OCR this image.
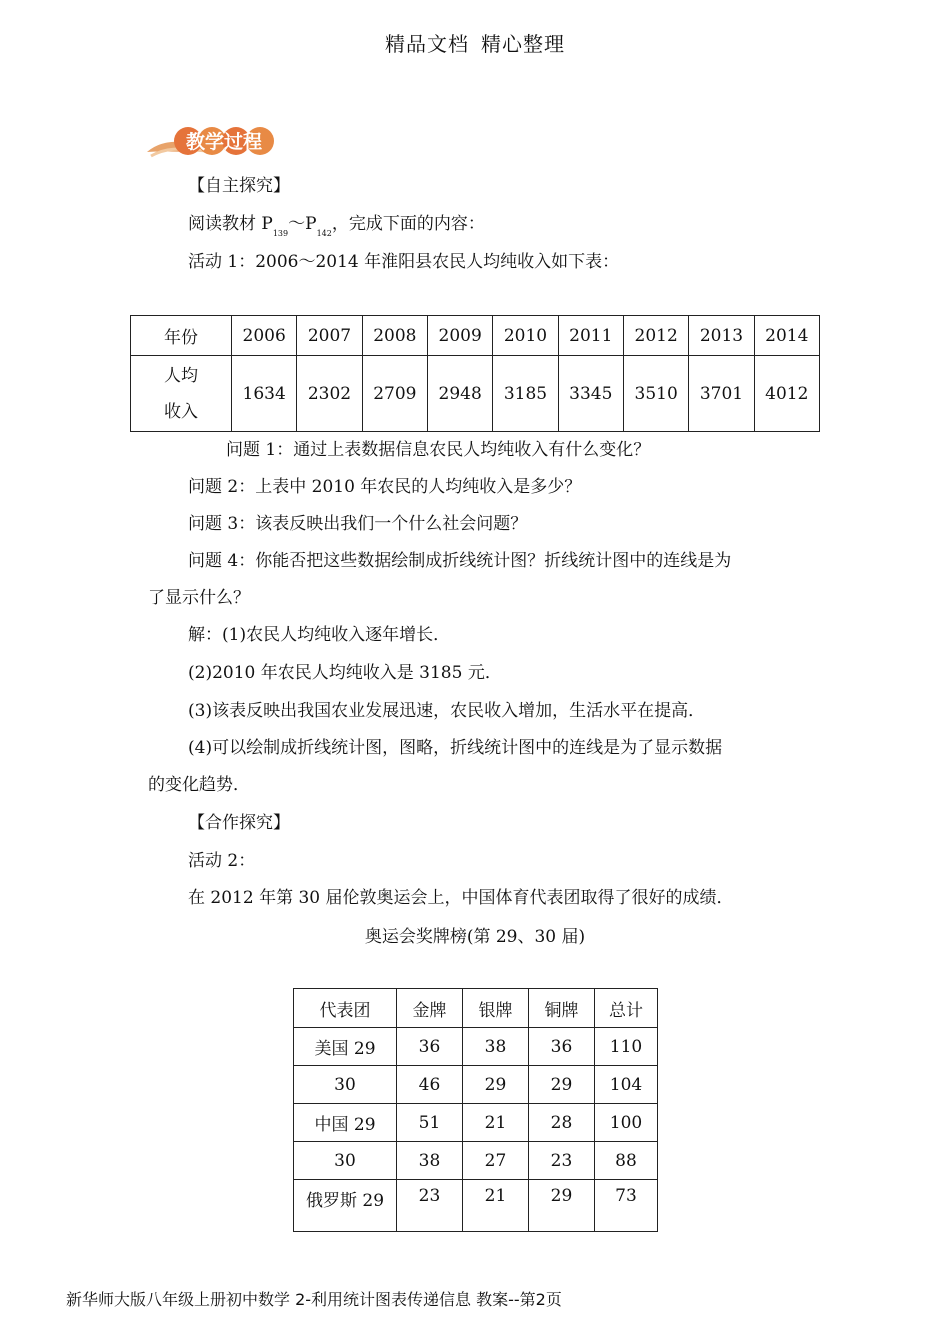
精品文档 精心整理
教学过程
【自主探究】
阅读教材 $P_{139}\sim P_{142}$，完成下面的内容：
活动 1：2006～2014 年淮阳县农民人均纯收入如下表：
年份	2006	2007	2008	2009	2010	2011	2012	2013	2014

人均
收入	1634	2302	2709	2948	3185	3345	3510	3701	4012
问题 1：通过上表数据信息农民人均纯收入有什么变化？
问题 2：上表中 2010 年农民的人均纯收入是多少？
问题 3：该表反映出我们一个什么社会问题？
问题 4：你能否把这些数据绘制成折线统计图？折线统计图中的连线是为
了显示什么？
解：(1)农民人均纯收入逐年增长．
(2)2010 年农民人均纯收入是 3185 元．
(3)该表反映出我国农业发展迅速，农民收入增加，生活水平在提高．
(4)可以绘制成折线统计图，图略，折线统计图中的连线是为了显示数据
的变化趋势．
【合作探究】
活动 2：
在 2012 年第 30 届伦敦奥运会上，中国体育代表团取得了很好的成绩．
奥运会奖牌榜(第 29、30 届)
代表团	金牌	银牌	铜牌	总计
美国 29	36	38	36	110
30	46	29	29	104
中国 29	51	21	28	100
30	38	27	23	88
俄罗斯 29	23	21	29	73
新华师大版八年级上册初中数学 2-利用统计图表传递信息 教案--第2页
